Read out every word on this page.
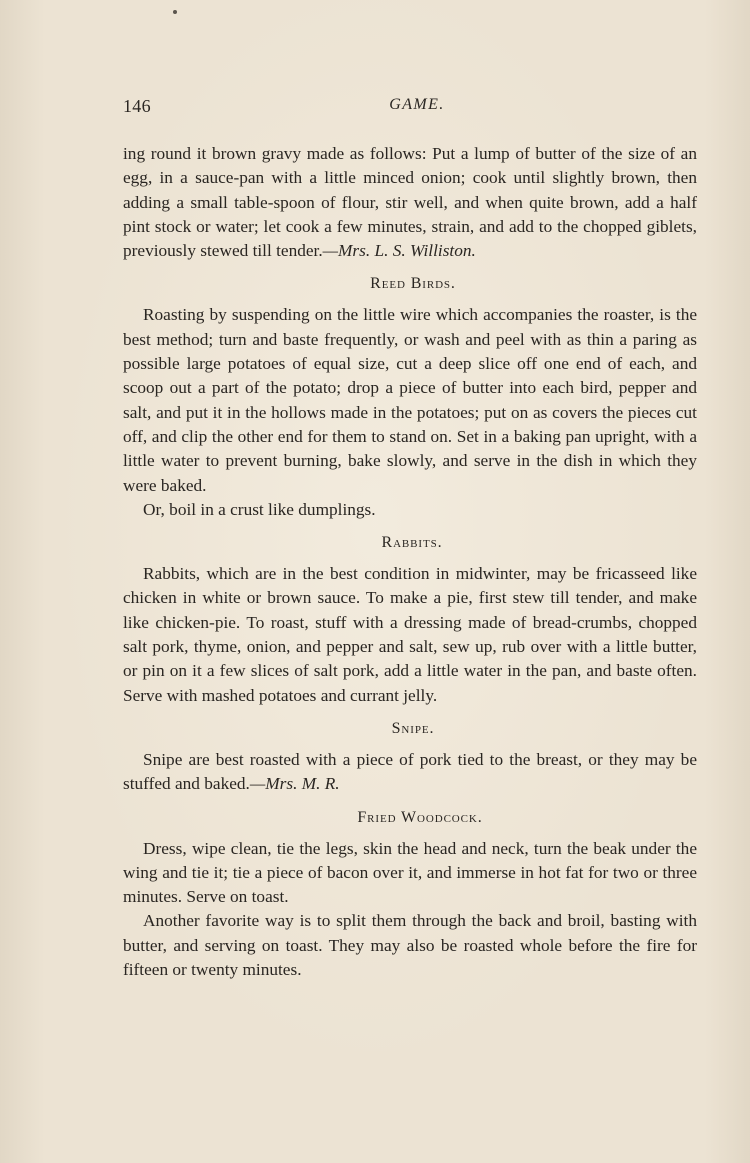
146	GAME.

ing round it brown gravy made as follows: Put a lump of butter of the size of an egg, in a sauce-pan with a little minced onion; cook until slightly brown, then adding a small table-spoon of flour, stir well, and when quite brown, add a half pint stock or water; let cook a few minutes, strain, and add to the chopped giblets, previously stewed till tender.—Mrs. L. S. Williston.

Reed Birds.

Roasting by suspending on the little wire which accompanies the roaster, is the best method; turn and baste frequently, or wash and peel with as thin a paring as possible large potatoes of equal size, cut a deep slice off one end of each, and scoop out a part of the potato; drop a piece of butter into each bird, pepper and salt, and put it in the hollows made in the potatoes; put on as covers the pieces cut off, and clip the other end for them to stand on. Set in a baking pan upright, with a little water to prevent burning, bake slowly, and serve in the dish in which they were baked.

Or, boil in a crust like dumplings.

Rabbits.

Rabbits, which are in the best condition in midwinter, may be fricasseed like chicken in white or brown sauce. To make a pie, first stew till tender, and make like chicken-pie. To roast, stuff with a dressing made of bread-crumbs, chopped salt pork, thyme, onion, and pepper and salt, sew up, rub over with a little butter, or pin on it a few slices of salt pork, add a little water in the pan, and baste often. Serve with mashed potatoes and currant jelly.

Snipe.

Snipe are best roasted with a piece of pork tied to the breast, or they may be stuffed and baked.—Mrs. M. R.

Fried Woodcock.

Dress, wipe clean, tie the legs, skin the head and neck, turn the beak under the wing and tie it; tie a piece of bacon over it, and immerse in hot fat for two or three minutes. Serve on toast.

Another favorite way is to split them through the back and broil, basting with butter, and serving on toast. They may also be roasted whole before the fire for fifteen or twenty minutes.
